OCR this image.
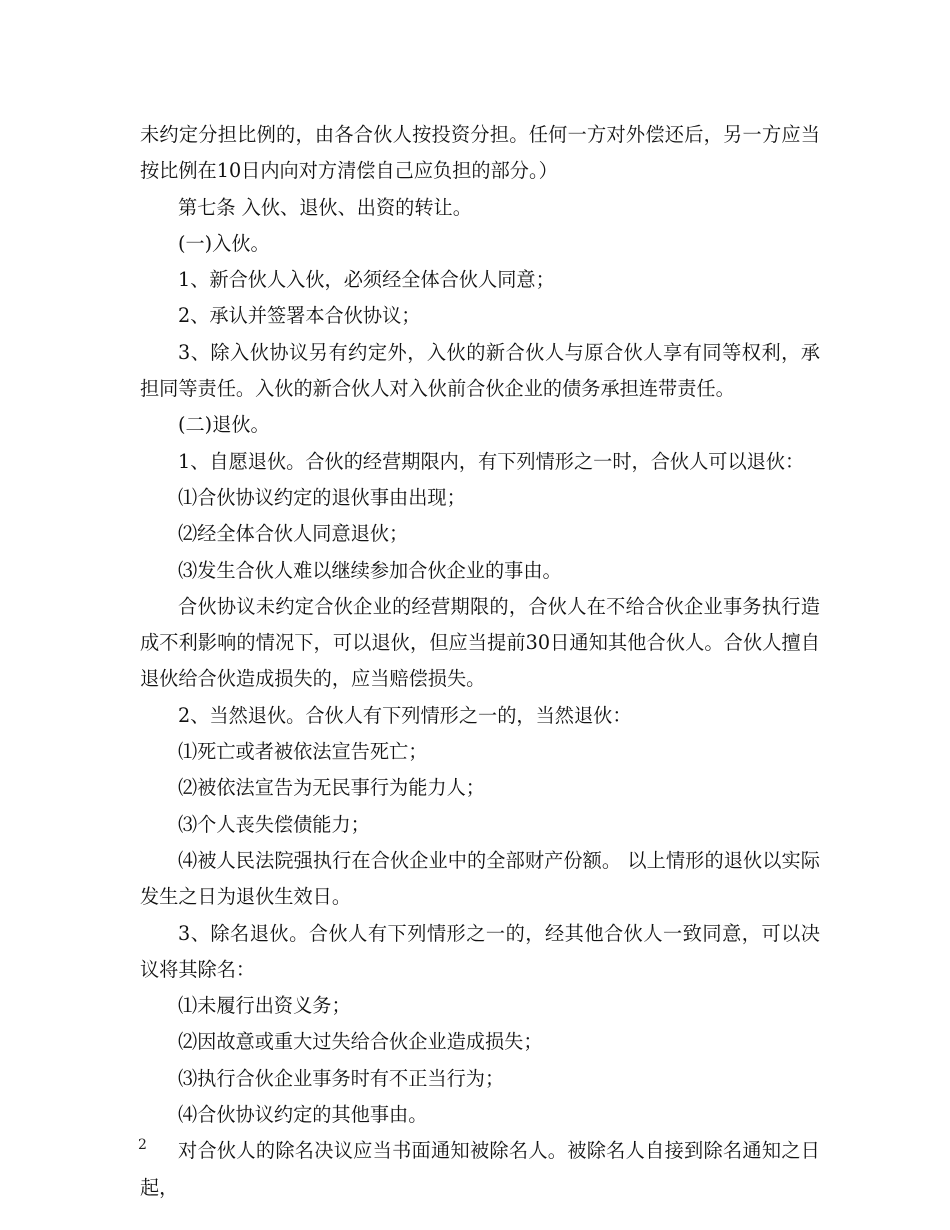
未约定分担比例的，由各合伙人按投资分担。任何一方对外偿还后，另一方应当按比例在10日内向对方清偿自己应负担的部分。）

第七条 入伙、退伙、出资的转让。

(一)入伙。

1、新合伙人入伙，必须经全体合伙人同意；

2、承认并签署本合伙协议；

3、除入伙协议另有约定外，入伙的新合伙人与原合伙人享有同等权利，承担同等责任。入伙的新合伙人对入伙前合伙企业的债务承担连带责任。

(二)退伙。

1、自愿退伙。合伙的经营期限内，有下列情形之一时，合伙人可以退伙：

⑴合伙协议约定的退伙事由出现；

⑵经全体合伙人同意退伙；

⑶发生合伙人难以继续参加合伙企业的事由。

合伙协议未约定合伙企业的经营期限的，合伙人在不给合伙企业事务执行造成不利影响的情况下，可以退伙，但应当提前30日通知其他合伙人。合伙人擅自退伙给合伙造成损失的，应当赔偿损失。

2、当然退伙。合伙人有下列情形之一的，当然退伙：

⑴死亡或者被依法宣告死亡；

⑵被依法宣告为无民事行为能力人；

⑶个人丧失偿债能力；

⑷被人民法院强执行在合伙企业中的全部财产份额。 以上情形的退伙以实际发生之日为退伙生效日。

3、除名退伙。合伙人有下列情形之一的，经其他合伙人一致同意，可以决议将其除名：

⑴未履行出资义务；

⑵因故意或重大过失给合伙企业造成损失；

⑶执行合伙企业事务时有不正当行为；

⑷合伙协议约定的其他事由。

对合伙人的除名决议应当书面通知被除名人。被除名人自接到除名通知之日起，

2
